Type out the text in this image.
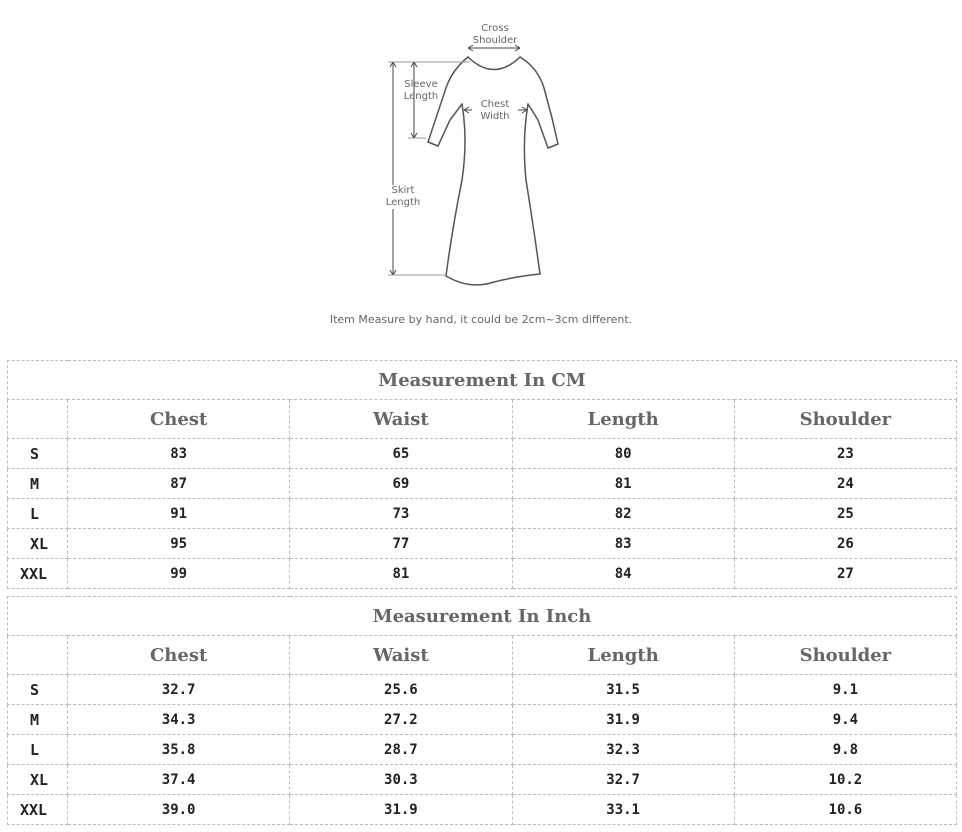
Cross
Shoulder
Sleeve
Length
Chest
Width
Skirt
Length
Item Measure by hand, it could be 2cm~3cm different.
Measurement In CM				
	Chest	Waist	Length	Shoulder
S	83	65	80	23
M	87	69	81	24
L	91	73	82	25
XL	95	77	83	26
XXL	99	81	84	27
Measurement In Inch				
	Chest	Waist	Length	Shoulder
S	32.7	25.6	31.5	9.1
M	34.3	27.2	31.9	9.4
L	35.8	28.7	32.3	9.8
XL	37.4	30.3	32.7	10.2
XXL	39.0	31.9	33.1	10.6
